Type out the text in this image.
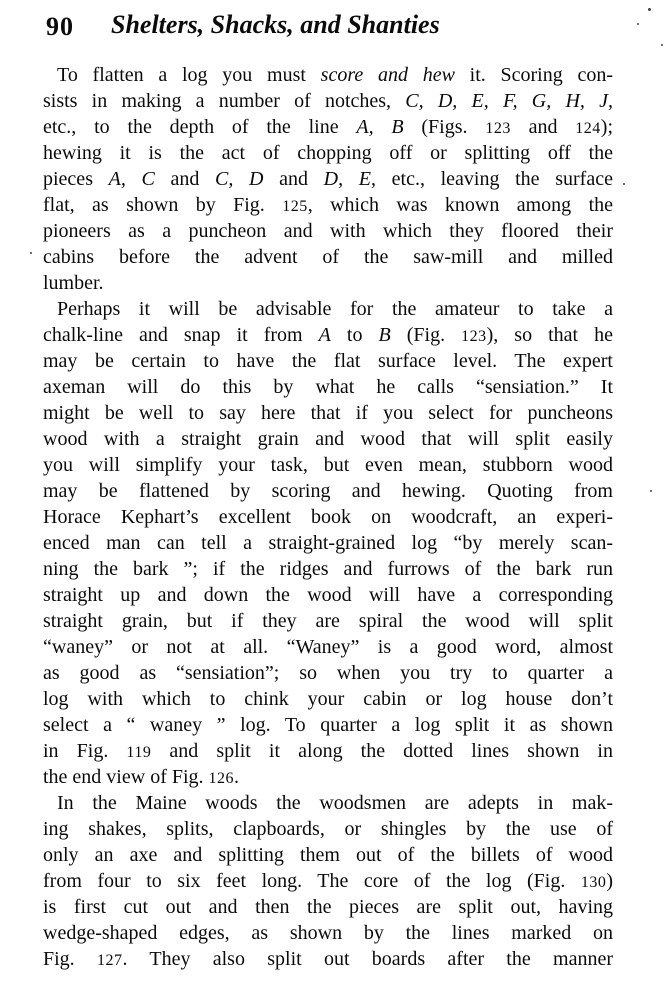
90 Shelters, Shacks, and Shanties
To flatten a log you must score and hew it. Scoring con-
sists in making a number of notches, C, D, E, F, G, H, J,
etc., to the depth of the line A, B (Figs. 123 and 124);
hewing it is the act of chopping off or splitting off the
pieces A, C and C, D and D, E, etc., leaving the surface
flat, as shown by Fig. 125, which was known among the
pioneers as a puncheon and with which they floored their
cabins before the advent of the saw-mill and milled
lumber.
Perhaps it will be advisable for the amateur to take a
chalk-line and snap it from A to B (Fig. 123), so that he
may be certain to have the flat surface level. The expert
axeman will do this by what he calls “sensiation.” It
might be well to say here that if you select for puncheons
wood with a straight grain and wood that will split easily
you will simplify your task, but even mean, stubborn wood
may be flattened by scoring and hewing. Quoting from
Horace Kephart’s excellent book on woodcraft, an experi-
enced man can tell a straight-grained log “by merely scan-
ning the bark ”; if the ridges and furrows of the bark run
straight up and down the wood will have a corresponding
straight grain, but if they are spiral the wood will split
“waney” or not at all. “Waney” is a good word, almost
as good as “sensiation”; so when you try to quarter a
log with which to chink your cabin or log house don’t
select a “ waney ” log. To quarter a log split it as shown
in Fig. 119 and split it along the dotted lines shown in
the end view of Fig. 126.
In the Maine woods the woodsmen are adepts in mak-
ing shakes, splits, clapboards, or shingles by the use of
only an axe and splitting them out of the billets of wood
from four to six feet long. The core of the log (Fig. 130)
is first cut out and then the pieces are split out, having
wedge-shaped edges, as shown by the lines marked on
Fig. 127. They also split out boards after the manner
